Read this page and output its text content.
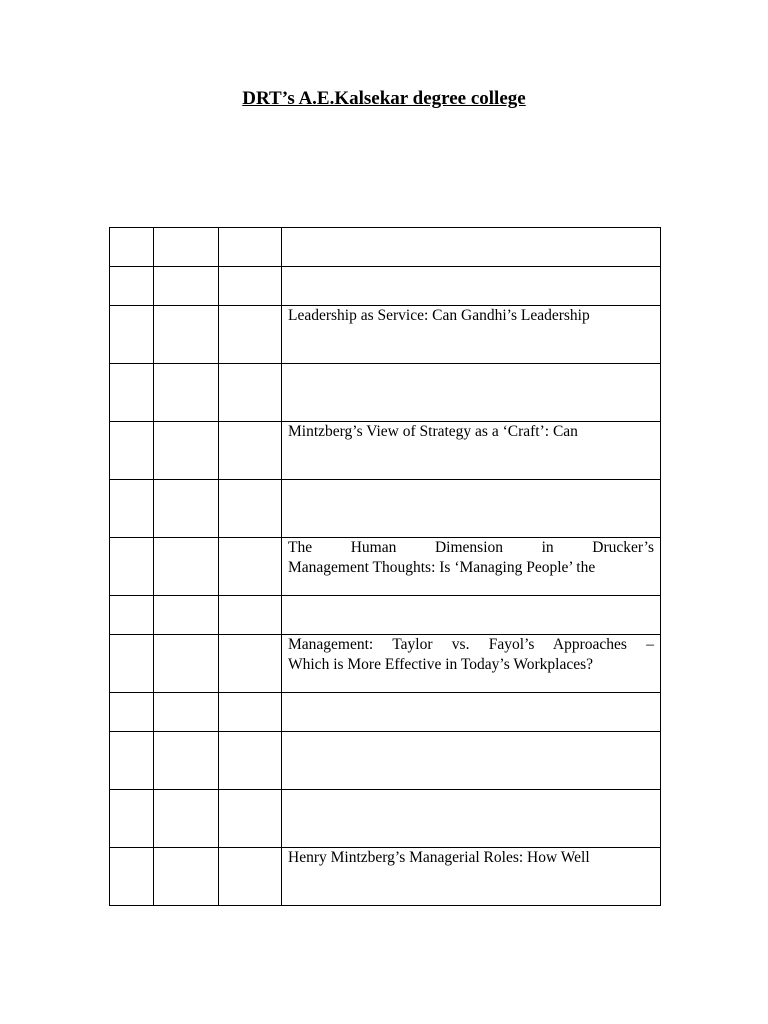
DRT’s A.E.Kalsekar degree college

			Leadership as Service: Can Gandhi’s Leadership

			Mintzberg’s View of Strategy as a ‘Craft’: Can

			The Human Dimension in Drucker’s
Management Thoughts: Is ‘Managing People’ the

			Management: Taylor vs. Fayol’s Approaches –
Which is More Effective in Today’s Workplaces?

			Henry Mintzberg’s Managerial Roles: How Well
